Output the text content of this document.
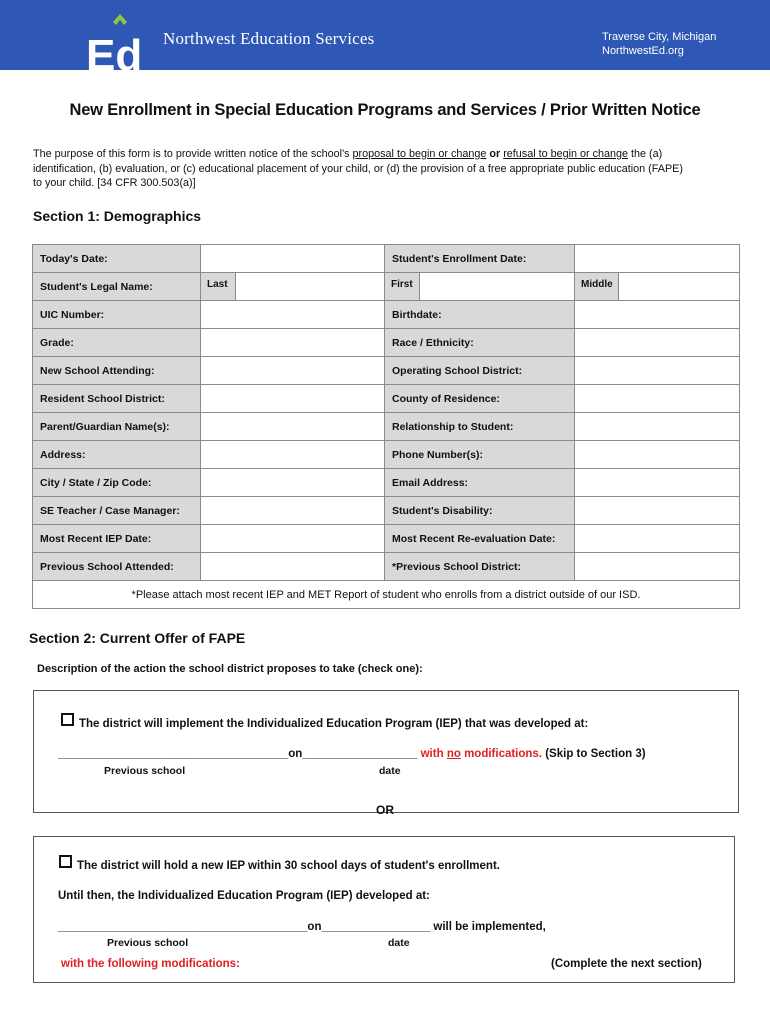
Ed Northwest Education Services	Traverse City, Michigan
NorthwestEd.org
New Enrollment in Special Education Programs and Services / Prior Written Notice
The purpose of this form is to provide written notice of the school's proposal to begin or change or refusal to begin or change the (a) identification, (b) evaluation, or (c) educational placement of your child, or (d) the provision of a free appropriate public education (FAPE) to your child. [34 CFR 300.503(a)]
Section 1: Demographics
Today's Date:		Student's Enrollment Date:	
Student's Legal Name:	Last	First	Middle

UIC Number:		Birthdate:	
Grade:		Race / Ethnicity:	
New School Attending:		Operating School District:	
Resident School District:		County of Residence:	
Parent/Guardian Name(s):		Relationship to Student:	
Address:		Phone Number(s):	
City / State / Zip Code:		Email Address:	
SE Teacher / Case Manager:		Student's Disability:	
Most Recent IEP Date:		Most Recent Re-evaluation Date:	
Previous School Attended:		*Previous School District:	
*Please attach most recent IEP and MET Report of student who enrolls from a district outside of our ISD.			
Section 2: Current Offer of FAPE
Description of the action the school district proposes to take (check one):
The district will implement the Individualized Education Program (IEP) that was developed at:
____________________________________on__________________ with no modifications. (Skip to Section 3)
Previous school	date
OR
The district will hold a new IEP within 30 school days of student's enrollment.
Until then, the Individualized Education Program (IEP) developed at:
_______________________________________on_________________ will be implemented,
Previous school	date
with the following modifications:	(Complete the next section)
